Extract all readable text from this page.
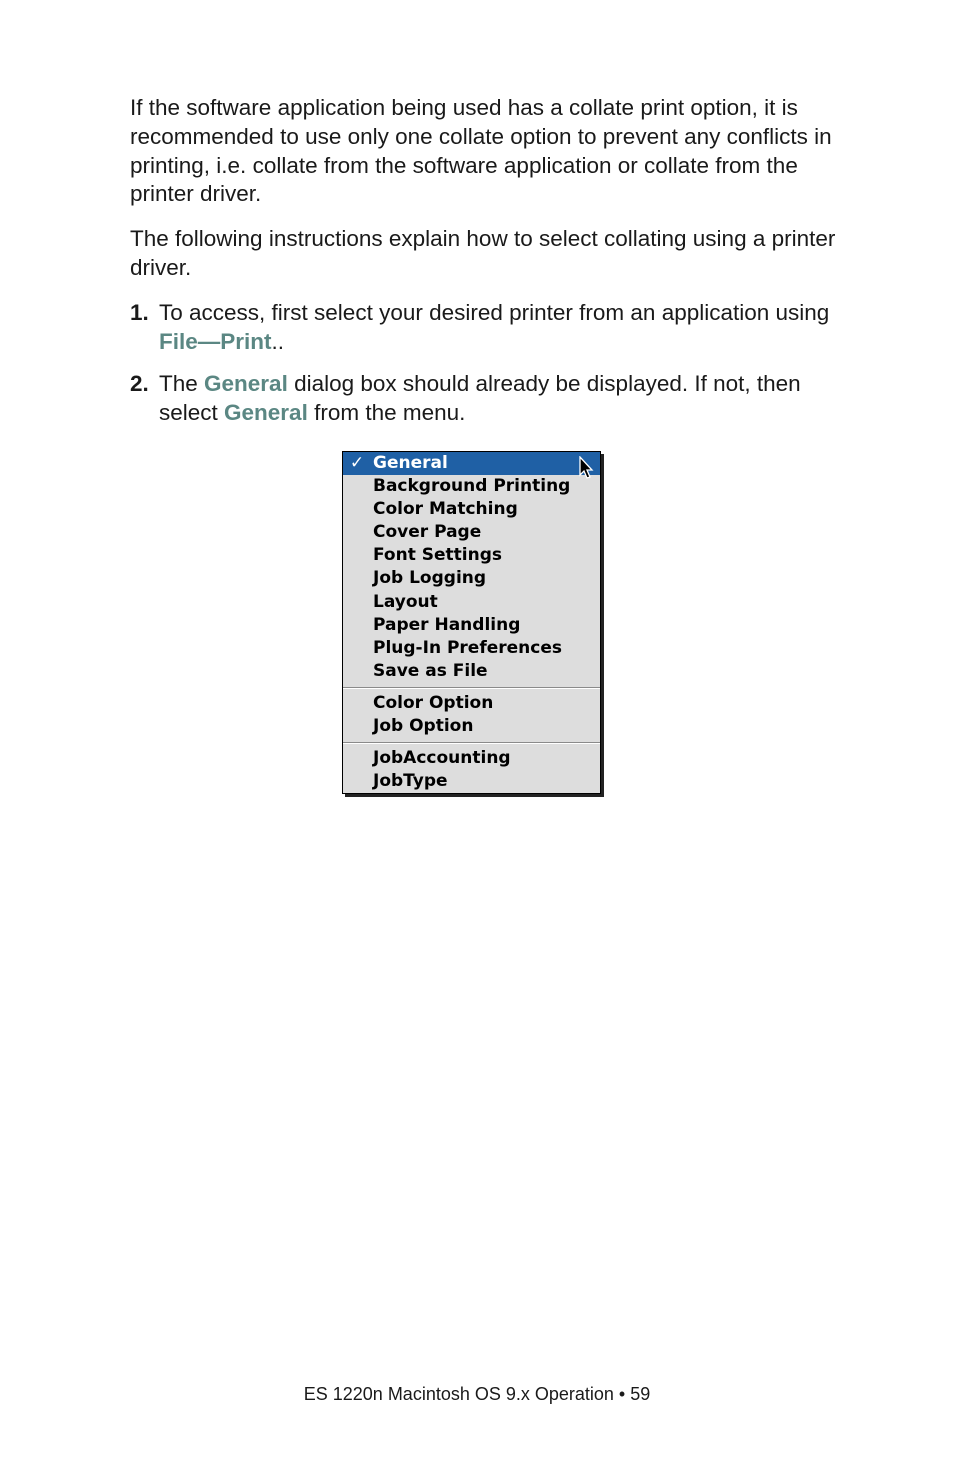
If the software application being used has a collate print option, it is recommended to use only one collate option to prevent any conflicts in printing, i.e. collate from the software application or collate from the printer driver.

The following instructions explain how to select collating using a printer driver.

1. To access, first select your desired printer from an application using File—Print..
2. The General dialog box should already be displayed. If not, then select General from the menu.
✓ General
Background Printing
Color Matching
Cover Page
Font Settings
Job Logging
Layout
Paper Handling
Plug-In Preferences
Save as File
Color Option
Job Option
JobAccounting
JobType
ES 1220n Macintosh OS 9.x Operation • 59
